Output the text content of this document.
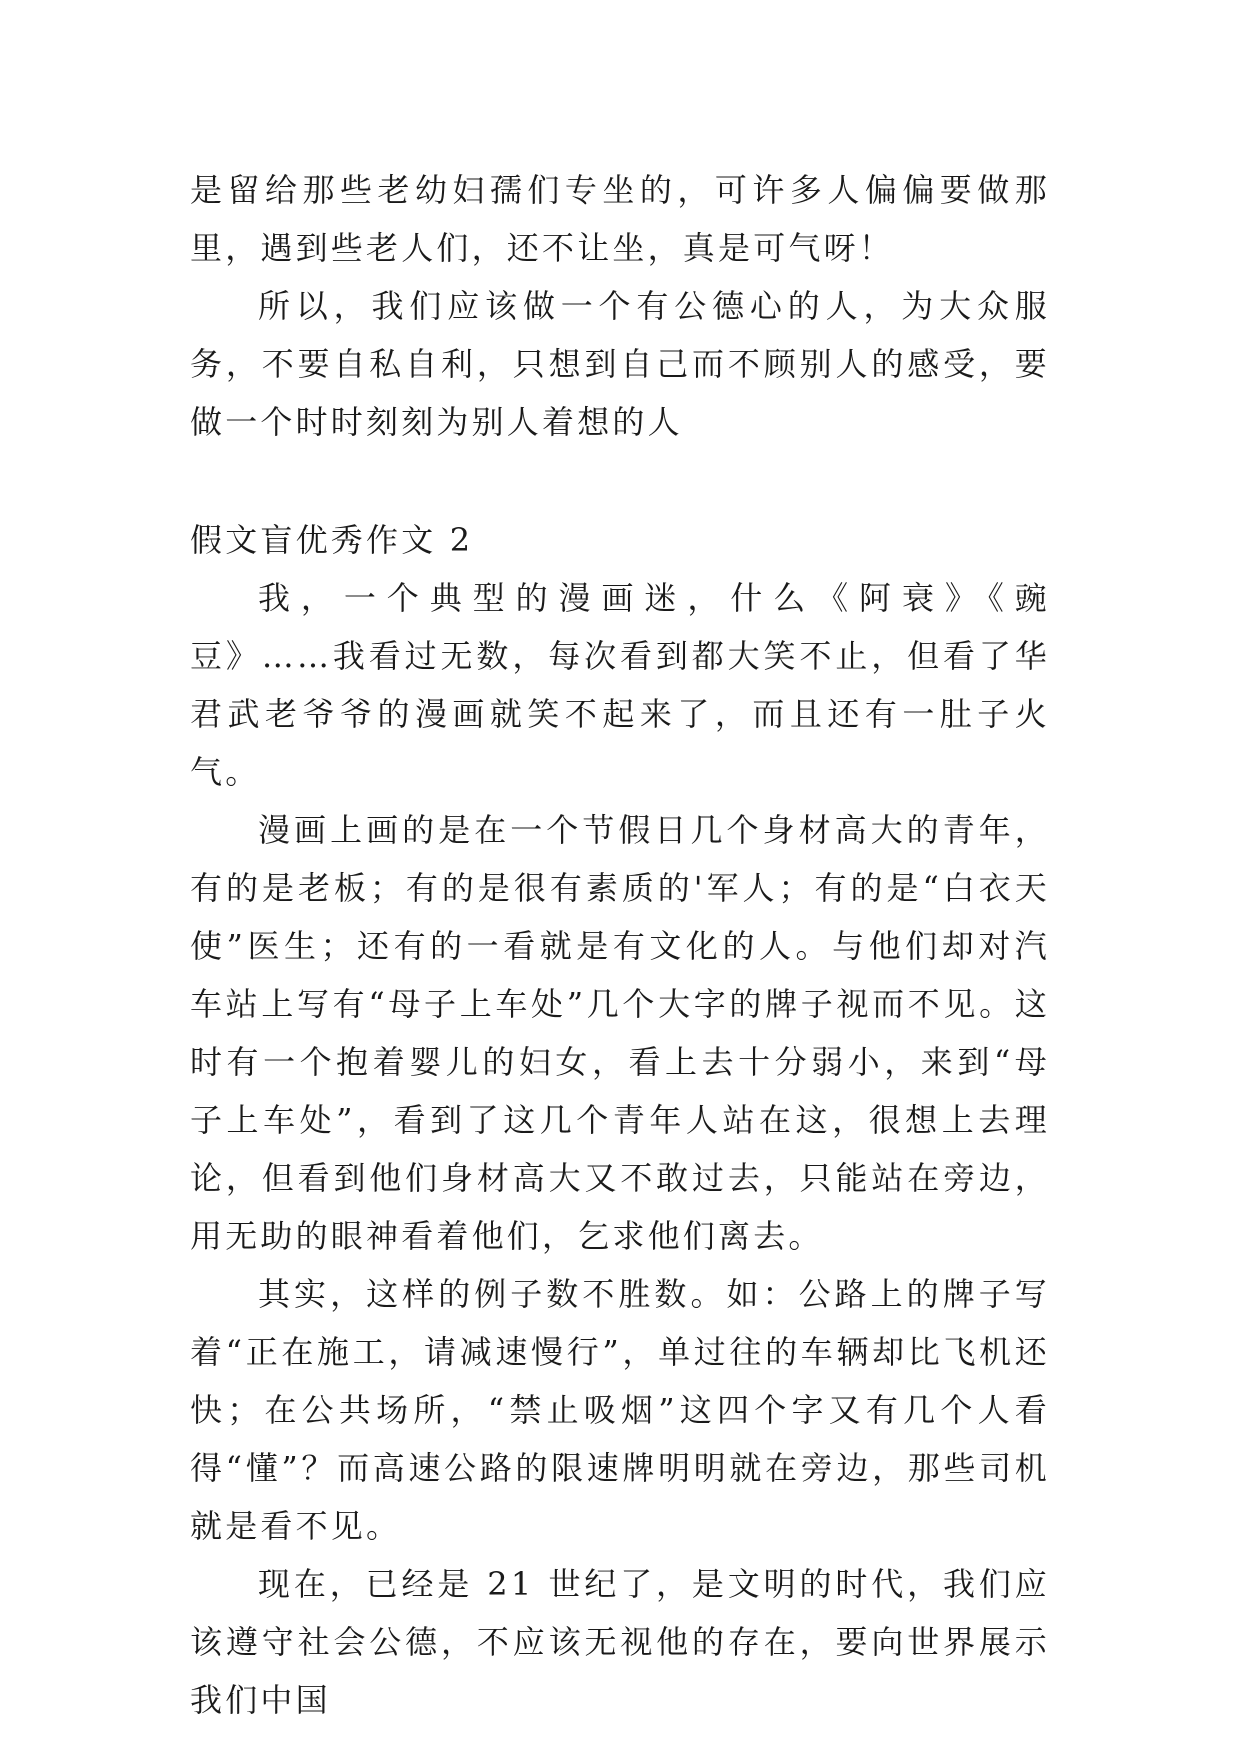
是留给那些老幼妇孺们专坐的，可许多人偏偏要做那里，遇到些老人们，还不让坐，真是可气呀！

所以，我们应该做一个有公德心的人，为大众服务，不要自私自利，只想到自己而不顾别人的感受，要做一个时时刻刻为别人着想的人

假文盲优秀作文 2

我，一个典型的漫画迷，什么《阿衰》《豌豆》……我看过无数，每次看到都大笑不止，但看了华君武老爷爷的漫画就笑不起来了，而且还有一肚子火气。

漫画上画的是在一个节假日几个身材高大的青年，有的是老板；有的是很有素质的'军人；有的是“白衣天使”医生；还有的一看就是有文化的人。与他们却对汽车站上写有“母子上车处”几个大字的牌子视而不见。这时有一个抱着婴儿的妇女，看上去十分弱小，来到“母子上车处”，看到了这几个青年人站在这，很想上去理论，但看到他们身材高大又不敢过去，只能站在旁边，用无助的眼神看着他们，乞求他们离去。

其实，这样的例子数不胜数。如：公路上的牌子写着“正在施工，请减速慢行”，单过往的车辆却比飞机还快；在公共场所，“禁止吸烟”这四个字又有几个人看得“懂”？而高速公路的限速牌明明就在旁边，那些司机就是看不见。

现在，已经是 21 世纪了，是文明的时代，我们应该遵守社会公德，不应该无视他的存在，要向世界展示我们中国
